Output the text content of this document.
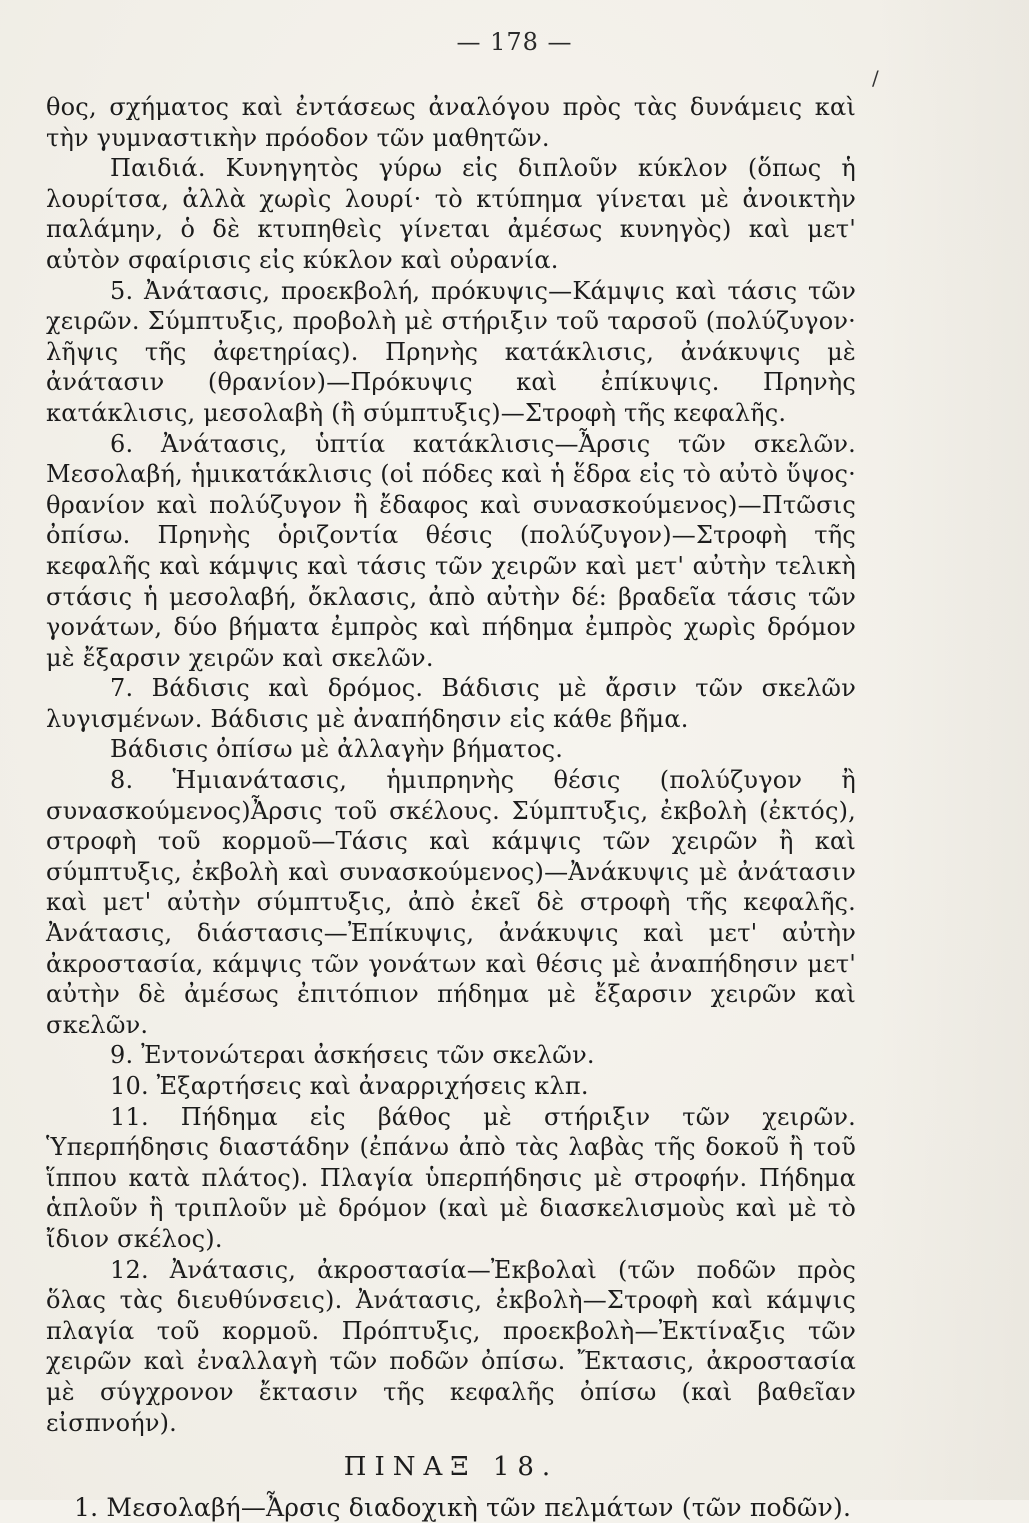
— 178 —
/

θος, σχήματος καὶ ἐντάσεως ἀναλόγου πρὸς τὰς δυνάμεις καὶ τὴν γυμναστικὴν πρόοδον τῶν μαθητῶν.

Παιδιά. Κυνηγητὸς γύρω εἰς διπλοῦν κύκλον (ὅπως ἡ λουρίτσα, ἀλλὰ χωρὶς λουρί· τὸ κτύπημα γίνεται μὲ ἀνοικτὴν παλάμην, ὁ δὲ κτυπηθεὶς γίνεται ἀμέσως κυνηγὸς) καὶ μετ' αὐτὸν σφαίρισις εἰς κύκλον καὶ οὐρανία.

5. Ἀνάτασις, προεκβολή, πρόκυψις—Κάμψις καὶ τάσις τῶν χειρῶν. Σύμπτυξις, προβολὴ μὲ στήριξιν τοῦ ταρσοῦ (πολύζυγον· λῆψις τῆς ἀφετηρίας). Πρηνὴς κατάκλισις, ἀνάκυψις μὲ ἀνάτασιν (θρανίον)—Πρόκυψις καὶ ἐπίκυψις. Πρηνὴς κατάκλισις, μεσολαβὴ (ἢ σύμπτυξις)—Στροφὴ τῆς κεφαλῆς.

6. Ἀνάτασις, ὑπτία κατάκλισις—Ἆρσις τῶν σκελῶν. Μεσολαβή, ἡμικατάκλισις (οἱ πόδες καὶ ἡ ἕδρα εἰς τὸ αὐτὸ ὕψος· θρανίον καὶ πολύζυγον ἢ ἔδαφος καὶ συνασκούμενος)—Πτῶσις ὀπίσω. Πρηνὴς ὁριζοντία θέσις (πολύζυγον)—Στροφὴ τῆς κεφαλῆς καὶ κάμψις καὶ τάσις τῶν χειρῶν καὶ μετ' αὐτὴν τελικὴ στάσις ἡ μεσολαβή, ὄκλασις, ἀπὸ αὐτὴν δέ: βραδεῖα τάσις τῶν γονάτων, δύο βήματα ἐμπρὸς καὶ πήδημα ἐμπρὸς χωρὶς δρόμον μὲ ἔξαρσιν χειρῶν καὶ σκελῶν.

7. Βάδισις καὶ δρόμος. Βάδισις μὲ ἄρσιν τῶν σκελῶν λυγισμένων. Βάδισις μὲ ἀναπήδησιν εἰς κάθε βῆμα.

Βάδισις ὀπίσω μὲ ἀλλαγὴν βήματος.

8. Ἡμιανάτασις, ἡμιπρηνὴς θέσις (πολύζυγον ἢ συνασκούμενος)Ἆρσις τοῦ σκέλους. Σύμπτυξις, ἐκβολὴ (ἐκτός), στροφὴ τοῦ κορμοῦ—Τάσις καὶ κάμψις τῶν χειρῶν ἢ καὶ σύμπτυξις, ἐκβολὴ καὶ συνασκούμενος)—Ἀνάκυψις μὲ ἀνάτασιν καὶ μετ' αὐτὴν σύμπτυξις, ἀπὸ ἐκεῖ δὲ στροφὴ τῆς κεφαλῆς. Ἀνάτασις, διάστασις—Ἐπίκυψις, ἀνάκυψις καὶ μετ' αὐτὴν ἀκροστασία, κάμψις τῶν γονάτων καὶ θέσις μὲ ἀναπήδησιν μετ' αὐτὴν δὲ ἀμέσως ἐπιτόπιον πήδημα μὲ ἔξαρσιν χειρῶν καὶ σκελῶν.

9. Ἐντονώτεραι ἀσκήσεις τῶν σκελῶν.

10. Ἐξαρτήσεις καὶ ἀναρριχήσεις κλπ.

11. Πήδημα εἰς βάθος μὲ στήριξιν τῶν χειρῶν. Ὑπερπήδησις διαστάδην (ἐπάνω ἀπὸ τὰς λαβὰς τῆς δοκοῦ ἢ τοῦ ἵππου κατὰ πλάτος). Πλαγία ὑπερπήδησις μὲ στροφήν. Πήδημα ἁπλοῦν ἢ τριπλοῦν μὲ δρόμον (καὶ μὲ διασκελισμοὺς καὶ μὲ τὸ ἴδιον σκέλος).

12. Ἀνάτασις, ἀκροστασία—Ἐκβολαὶ (τῶν ποδῶν πρὸς ὅλας τὰς διευθύνσεις). Ἀνάτασις, ἐκβολὴ—Στροφὴ καὶ κάμψις πλαγία τοῦ κορμοῦ. Πρόπτυξις, προεκβολὴ—Ἐκτίναξις τῶν χειρῶν καὶ ἐναλλαγὴ τῶν ποδῶν ὀπίσω. Ἔκτασις, ἀκροστασία μὲ σύγχρονον ἔκτασιν τῆς κεφαλῆς ὀπίσω (καὶ βαθεῖαν εἰσπνοήν).

ΠΙΝΑΞ 18.

1. Μεσολαβή—Ἆρσις διαδοχικὴ τῶν πελμάτων (τῶν ποδῶν).
